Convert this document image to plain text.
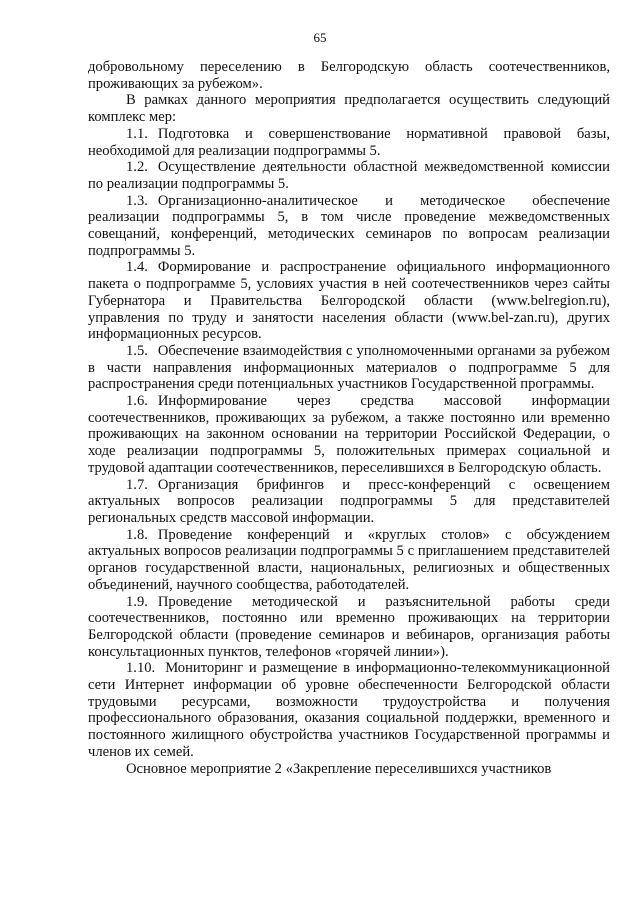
65

добровольному переселению в Белгородскую область соотечественников, проживающих за рубежом».

В рамках данного мероприятия предполагается осуществить следующий комплекс мер:

1.1. Подготовка и совершенствование нормативной правовой базы, необходимой для реализации подпрограммы 5.

1.2. Осуществление деятельности областной межведомственной комиссии по реализации подпрограммы 5.

1.3. Организационно-аналитическое и методическое обеспечение реализации подпрограммы 5, в том числе проведение межведомственных совещаний, конференций, методических семинаров по вопросам реализации подпрограммы 5.

1.4. Формирование и распространение официального информационного пакета о подпрограмме 5, условиях участия в ней соотечественников через сайты Губернатора и Правительства Белгородской области (www.belregion.ru), управления по труду и занятости населения области (www.bel-zan.ru), других информационных ресурсов.

1.5. Обеспечение взаимодействия с уполномоченными органами за рубежом в части направления информационных материалов о подпрограмме 5 для распространения среди потенциальных участников Государственной программы.

1.6. Информирование через средства массовой информации соотечественников, проживающих за рубежом, а также постоянно или временно проживающих на законном основании на территории Российской Федерации, о ходе реализации подпрограммы 5, положительных примерах социальной и трудовой адаптации соотечественников, переселившихся в Белгородскую область.

1.7. Организация брифингов и пресс-конференций с освещением актуальных вопросов реализации подпрограммы 5 для представителей региональных средств массовой информации.

1.8. Проведение конференций и «круглых столов» с обсуждением актуальных вопросов реализации подпрограммы 5 с приглашением представителей органов государственной власти, национальных, религиозных и общественных объединений, научного сообщества, работодателей.

1.9. Проведение методической и разъяснительной работы среди соотечественников, постоянно или временно проживающих на территории Белгородской области (проведение семинаров и вебинаров, организация работы консультационных пунктов, телефонов «горячей линии»).

1.10. Мониторинг и размещение в информационно-телекоммуникационной сети Интернет информации об уровне обеспеченности Белгородской области трудовыми ресурсами, возможности трудоустройства и получения профессионального образования, оказания социальной поддержки, временного и постоянного жилищного обустройства участников Государственной программы и членов их семей.

Основное мероприятие 2 «Закрепление переселившихся участников
